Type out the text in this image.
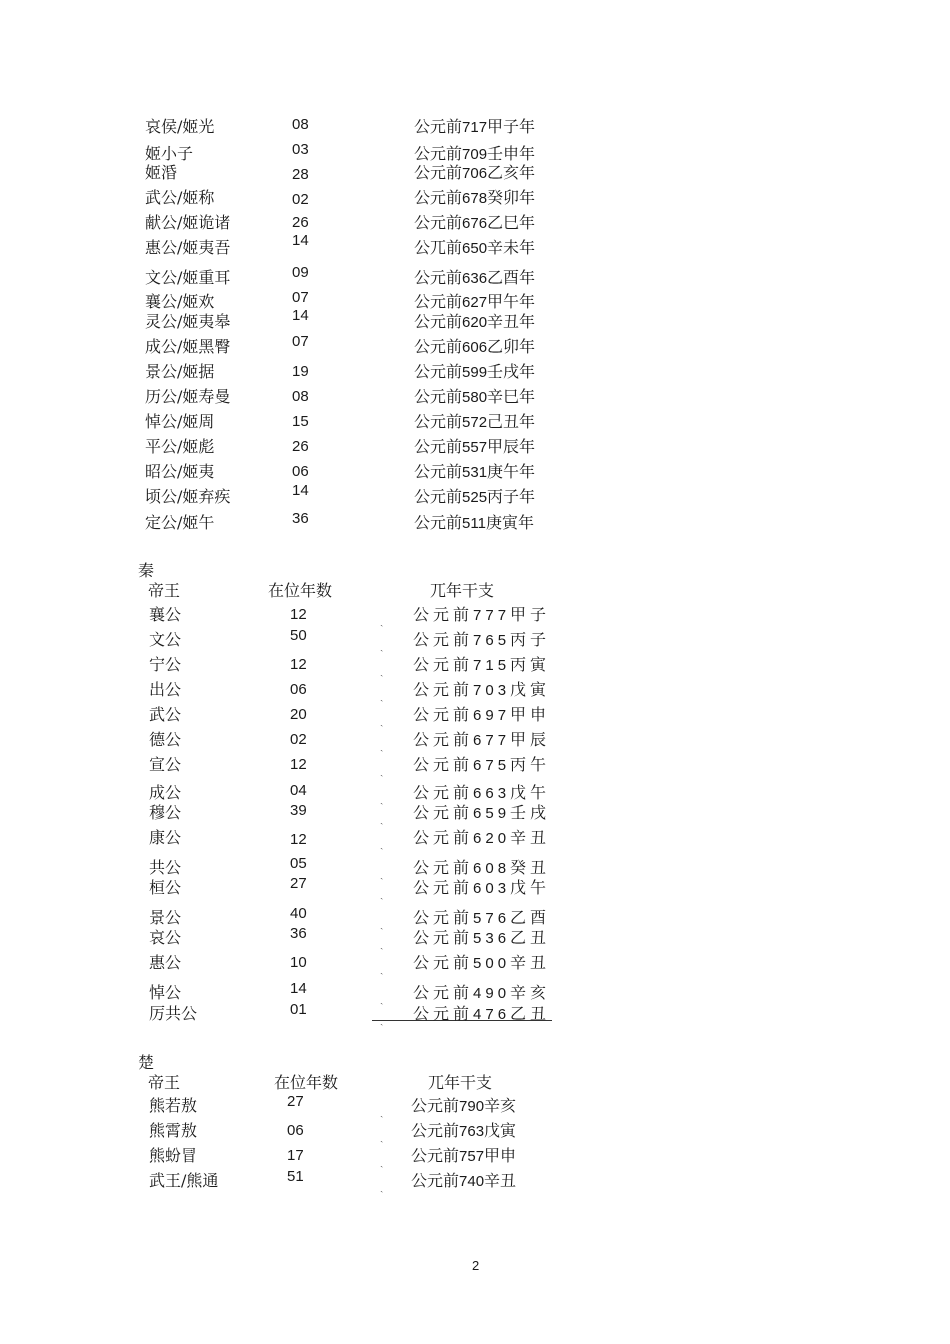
哀侯/姬光	08	公元前717甲子年
姬小子	03	公元前709壬申年
姬涽	28	公元前706乙亥年
武公/姬称	02	公元前678癸卯年
献公/姬诡诸	26	公元前676乙巳年
惠公/姬夷吾	14	公兀前650辛未年
文公/姬重耳	09	公元前636乙酉年
襄公/姬欢	07	公元前627甲午年
灵公/姬夷皋	14	公元前620辛丑年
成公/姬黑臀	07	公元前606乙卯年
景公/姬据	19	公元前599壬戌年
历公/姬寿曼	08	公元前580辛巳年
悼公/姬周	15	公元前572己丑年
平公/姬彪	26	公元前557甲辰年
昭公/姬夷	06	公元前531庚午年
顷公/姬弃疾	14	公元前525丙子年
定公/姬午	36	公元前511庚寅年
秦
帝王	在位年数	兀年干支
襄公	12	公元前777甲子
ˎ
文公	50	公元前765丙子
ˎ
宁公	12	公元前715丙寅
ˎ
出公	06	公元前703戊寅
ˎ
武公	20	公元前697甲申
ˎ
德公	02	公元前677甲辰
ˎ
宣公	12	公元前675丙午
ˎ
成公	04	公元前663戊午
ˎ
穆公	39	公元前659壬戌
ˎ
康公	12	公元前620辛丑
ˎ
共公	05	公元前608癸丑
ˎ
桓公	27	公元前603戊午
ˎ
景公	40	公元前576乙酉
ˎ
哀公	36	公元前536乙丑
ˎ
惠公	10	公元前500辛丑
ˎ
悼公	14	公元前490辛亥
ˎ
厉共公	01	公元前476乙丑
ˎ
楚
帝王	在位年数	兀年干支
熊若敖	27	公元前790辛亥
ˎ
熊霄敖	06	公元前763戊寅
ˎ
熊蚡冒	17	公元前757甲申
ˎ
武王/熊通	51	公元前740辛丑
ˎ
2
